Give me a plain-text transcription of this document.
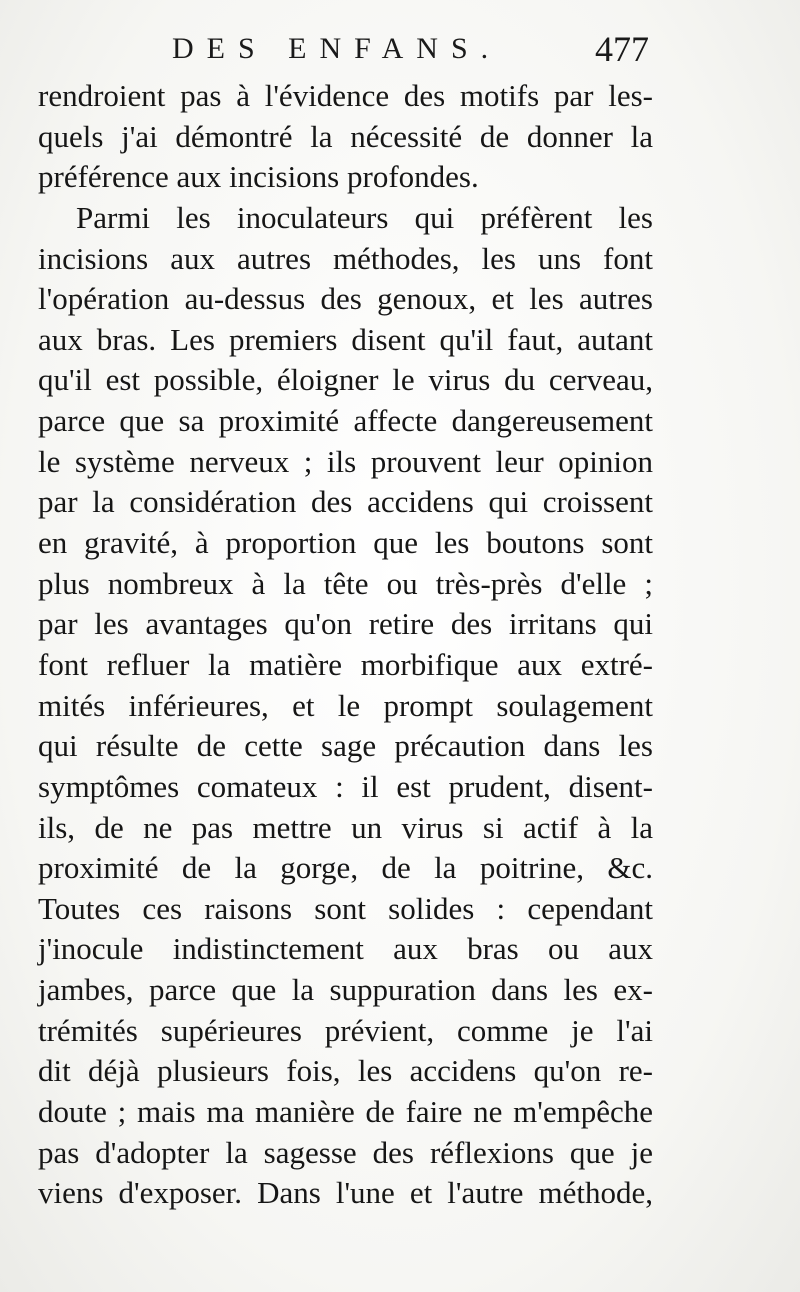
DES ENFANS.	477
rendroient pas à l'évidence des motifs par les-
quels j'ai démontré la nécessité de donner la
préférence aux incisions profondes.
Parmi les inoculateurs qui préfèrent les
incisions aux autres méthodes, les uns font
l'opération au-dessus des genoux, et les autres
aux bras. Les premiers disent qu'il faut, autant
qu'il est possible, éloigner le virus du cerveau,
parce que sa proximité affecte dangereusement
le système nerveux ; ils prouvent leur opinion
par la considération des accidens qui croissent
en gravité, à proportion que les boutons sont
plus nombreux à la tête ou très-près d'elle ;
par les avantages qu'on retire des irritans qui
font refluer la matière morbifique aux extré-
mités inférieures, et le prompt soulagement
qui résulte de cette sage précaution dans les
symptômes comateux : il est prudent, disent-
ils, de ne pas mettre un virus si actif à la
proximité de la gorge, de la poitrine, &c.
Toutes ces raisons sont solides : cependant
j'inocule indistinctement aux bras ou aux
jambes, parce que la suppuration dans les ex-
trémités supérieures prévient, comme je l'ai
dit déjà plusieurs fois, les accidens qu'on re-
doute ; mais ma manière de faire ne m'empêche
pas d'adopter la sagesse des réflexions que je
viens d'exposer. Dans l'une et l'autre méthode,
